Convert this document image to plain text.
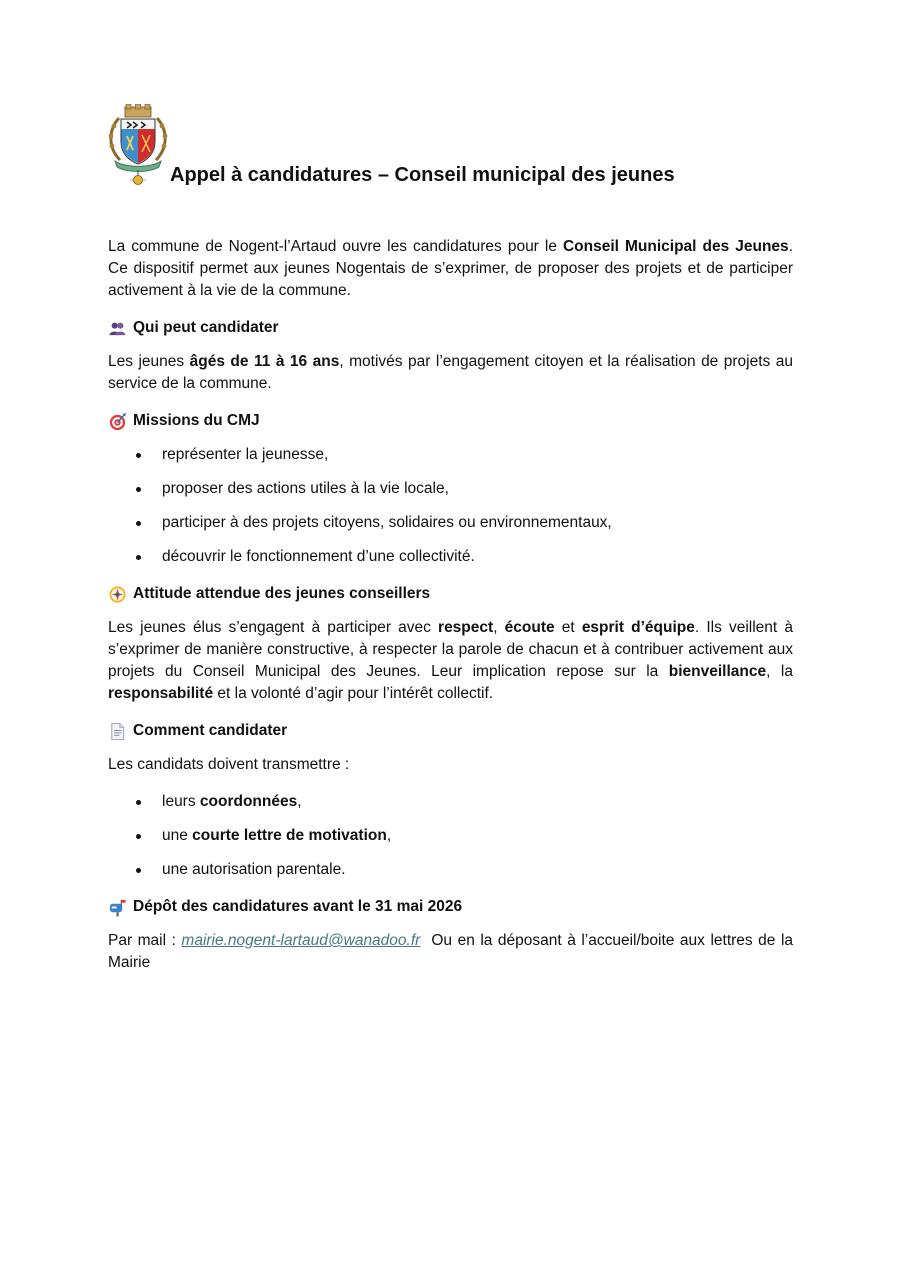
Appel à candidatures – Conseil municipal des jeunes

La commune de Nogent-l’Artaud ouvre les candidatures pour le Conseil Municipal des Jeunes. Ce dispositif permet aux jeunes Nogentais de s’exprimer, de proposer des projets et de participer activement à la vie de la commune.

Qui peut candidater

Les jeunes âgés de 11 à 16 ans, motivés par l’engagement citoyen et la réalisation de projets au service de la commune.

Missions du CMJ
représenter la jeunesse,
proposer des actions utiles à la vie locale,
participer à des projets citoyens, solidaires ou environnementaux,
découvrir le fonctionnement d’une collectivité.
Attitude attendue des jeunes conseillers

Les jeunes élus s’engagent à participer avec respect, écoute et esprit d’équipe. Ils veillent à s’exprimer de manière constructive, à respecter la parole de chacun et à contribuer activement aux projets du Conseil Municipal des Jeunes. Leur implication repose sur la bienveillance, la responsabilité et la volonté d’agir pour l’intérêt collectif.

Comment candidater

Les candidats doivent transmettre :

leurs coordonnées,
une courte lettre de motivation,
une autorisation parentale.
Dépôt des candidatures avant le 31 mai 2026

Par mail : mairie.nogent-lartaud@wanadoo.fr  Ou en la déposant à l’accueil/boite aux lettres de la Mairie
